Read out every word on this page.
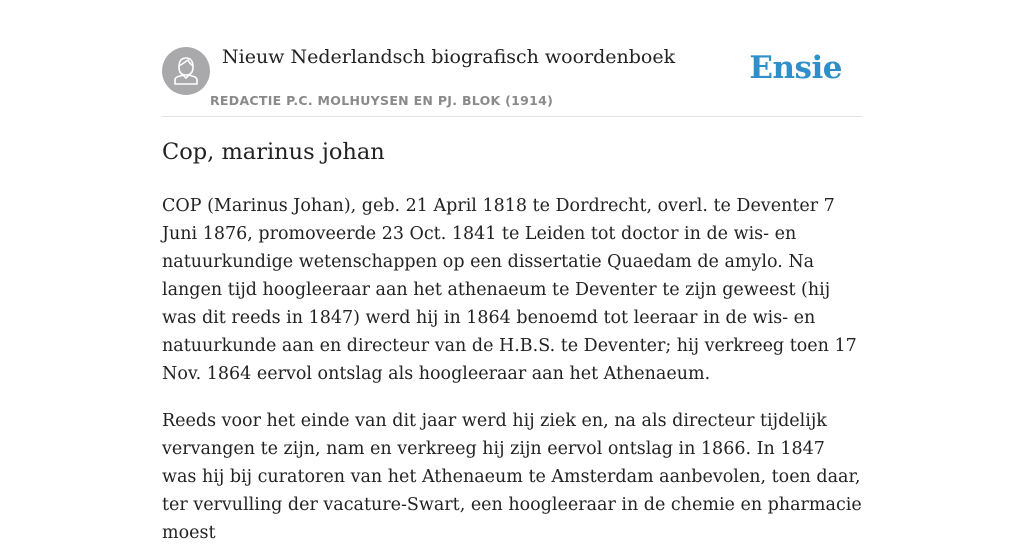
Nieuw Nederlandsch biografisch woordenboek
REDACTIE P.C. MOLHUYSEN EN PJ. BLOK (1914)
Ensie
Cop, marinus johan

COP (Marinus Johan), geb. 21 April 1818 te Dordrecht, overl. te Deventer 7 Juni 1876, promoveerde 23 Oct. 1841 te Leiden tot doctor in de wis- en natuurkundige wetenschappen op een dissertatie Quaedam de amylo. Na langen tijd hoogleeraar aan het athenaeum te Deventer te zijn geweest (hij was dit reeds in 1847) werd hij in 1864 benoemd tot leeraar in de wis- en natuurkunde aan en directeur van de H.B.S. te Deventer; hij verkreeg toen 17 Nov. 1864 eervol ontslag als hoogleeraar aan het Athenaeum.

Reeds voor het einde van dit jaar werd hij ziek en, na als directeur tijdelijk vervangen te zijn, nam en verkreeg hij zijn eervol ontslag in 1866. In 1847 was hij bij curatoren van het Athenaeum te Amsterdam aanbevolen, toen daar, ter vervulling der vacature-Swart, een hoogleeraar in de chemie en pharmacie moest
